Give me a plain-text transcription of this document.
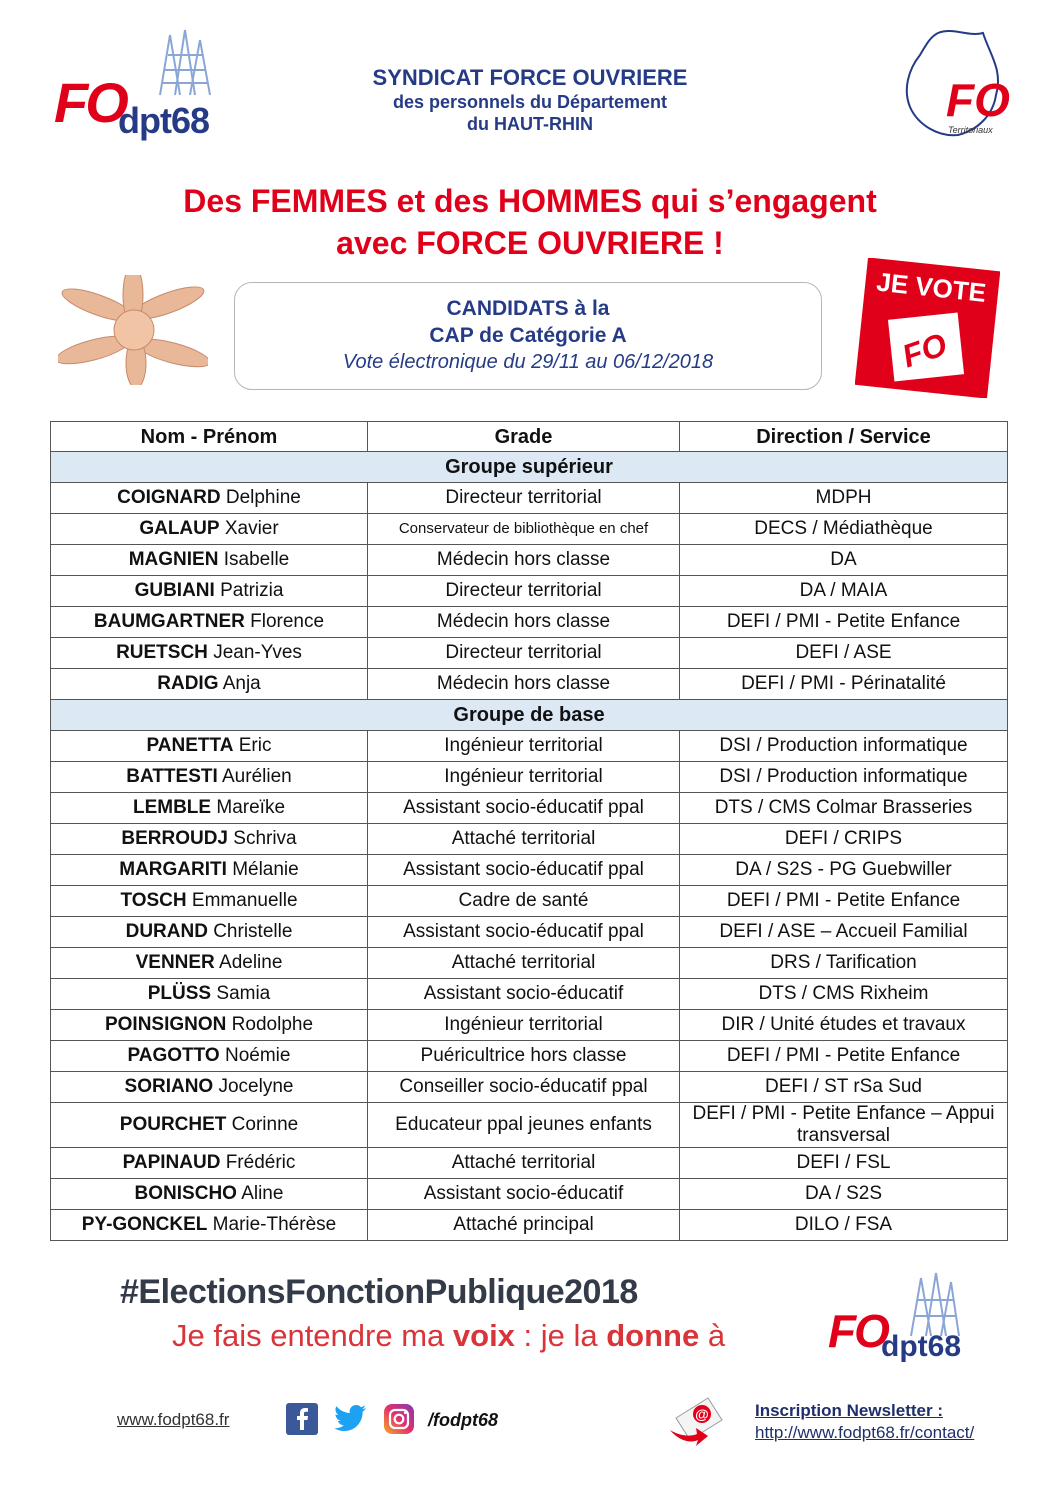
FO
dpt68
SYNDICAT FORCE OUVRIERE
des personnels du Département
du HAUT-RHIN	FO
Territoriaux
Des FEMMES et des HOMMES qui s’engagent
avec FORCE OUVRIERE !
CANDIDATS à la
CAP de Catégorie A
Vote électronique du 29/11 au 06/12/2018
JE VOTE
FO
Nom - Prénom	Grade	Direction / Service
Groupe supérieur		
COIGNARD Delphine	Directeur territorial	MDPH
GALAUP Xavier	Conservateur de bibliothèque en chef	DECS / Médiathèque
MAGNIEN Isabelle	Médecin hors classe	DA
GUBIANI Patrizia	Directeur territorial	DA / MAIA
BAUMGARTNER Florence	Médecin hors classe	DEFI / PMI - Petite Enfance
RUETSCH Jean-Yves	Directeur territorial	DEFI / ASE
RADIG Anja	Médecin hors classe	DEFI / PMI - Périnatalité
Groupe de base		
PANETTA Eric	Ingénieur territorial	DSI / Production informatique
BATTESTI Aurélien	Ingénieur territorial	DSI / Production informatique
LEMBLE Mareïke	Assistant socio-éducatif ppal	DTS / CMS Colmar Brasseries
BERROUDJ Schriva	Attaché territorial	DEFI / CRIPS
MARGARITI Mélanie	Assistant socio-éducatif ppal	DA / S2S - PG Guebwiller
TOSCH Emmanuelle	Cadre de santé	DEFI / PMI - Petite Enfance
DURAND Christelle	Assistant socio-éducatif ppal	DEFI / ASE – Accueil Familial
VENNER Adeline	Attaché territorial	DRS / Tarification
PLÜSS Samia	Assistant socio-éducatif	DTS / CMS Rixheim
POINSIGNON Rodolphe	Ingénieur territorial	DIR / Unité études et travaux
PAGOTTO Noémie	Puéricultrice hors classe	DEFI / PMI - Petite Enfance
SORIANO Jocelyne	Conseiller socio-éducatif ppal	DEFI / ST rSa Sud
POURCHET Corinne	Educateur ppal jeunes enfants	DEFI / PMI - Petite Enfance – Appui transversal
PAPINAUD Frédéric	Attaché territorial	DEFI / FSL
BONISCHO Aline	Assistant socio-éducatif	DA / S2S
PY-GONCKEL Marie-Thérèse	Attaché principal	DILO / FSA
#ElectionsFonctionPublique2018
Je fais entendre ma voix : je la donne à FO
dpt68
www.fodpt68.fr
	/fodpt68	@	Inscription Newsletter :
http://www.fodpt68.fr/contact/
